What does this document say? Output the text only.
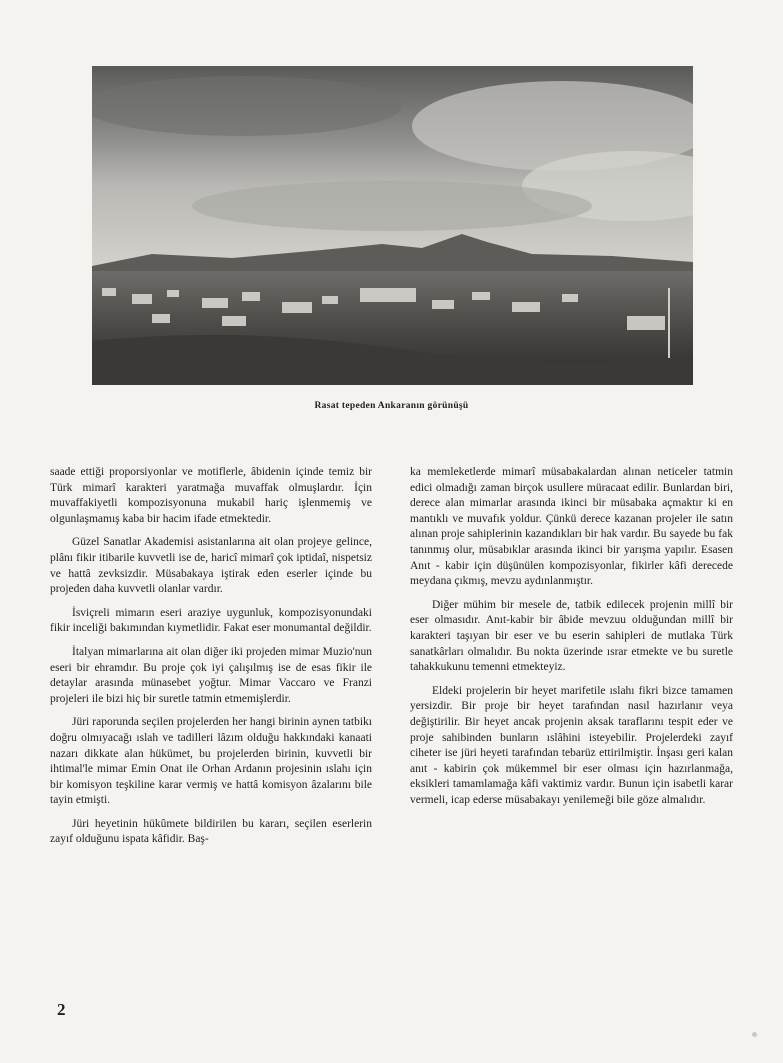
Rasat tepeden Ankaranın görünüşü

saade ettiği proporsiyonlar ve motiflerle, âbidenin içinde temiz bir Türk mimarî karakteri yaratmağa muvaffak olmuşlardır. İçin muvaffakiyetli kompozisyonuna mukabil hariç işlenmemiş ve olgunlaşmamış kaba bir hacim ifade etmektedir.

Güzel Sanatlar Akademisi asistanlarına ait olan projeye gelince, plânı fikir itibarile kuvvetli ise de, haricî mimarî çok iptidaî, nispetsiz ve hattâ zevksizdir. Müsabakaya iştirak eden eserler içinde bu projeden daha kuvvetli olanlar vardır.

İsviçreli mimarın eseri araziye uygunluk, kompozisyonundaki fikir inceliği bakımından kıymetlidir. Fakat eser monumantal değildir.

İtalyan mimarlarına ait olan diğer iki projeden mimar Muzio'nun eseri bir ehramdır. Bu proje çok iyi çalışılmış ise de esas fikir ile detaylar arasında münasebet yoğtur. Mimar Vaccaro ve Franzi projeleri ile bizi hiç bir suretle tatmin etmemişlerdir.

Jüri raporunda seçilen projelerden her hangi birinin aynen tatbikı doğru olmıyacağı ıslah ve tadilleri lâzım olduğu hakkındaki kanaati nazarı dikkate alan hükümet, bu projelerden birinin, kuvvetli bir ihtimal'le mimar Emin Onat ile Orhan Ardanın projesinin ıslahı için bir komisyon teşkiline karar vermiş ve hattâ komisyon âzalarını bile tayin etmişti.

Jüri heyetinin hükûmete bildirilen bu kararı, seçilen eserlerin zayıf olduğunu ispata kâfidir. Baş-

ka memleketlerde mimarî müsabakalardan alınan neticeler tatmin edici olmadığı zaman birçok usullere müracaat edilir. Bunlardan biri, derece alan mimarlar arasında ikinci bir müsabaka açmaktır ki en mantıklı ve muvafık yoldur. Çünkü derece kazanan projeler ile satın alınan proje sahiplerinin kazandıkları bir hak vardır. Bu sayede bu fak tanınmış olur, müsabıklar arasında ikinci bir yarışma yapılır. Esasen Anıt - kabir için düşünülen kompozisyonlar, fikirler kâfi derecede meydana çıkmış, mevzu aydınlanmıştır.

Diğer mühim bir mesele de, tatbik edilecek projenin millî bir eser olmasıdır. Anıt-kabir bir âbide mevzuu olduğundan millî bir karakteri taşıyan bir eser ve bu eserin sahipleri de mutlaka Türk sanatkârları olmalıdır. Bu nokta üzerinde ısrar etmekte ve bu suretle tahakkukunu temenni etmekteyiz.

Eldeki projelerin bir heyet marifetile ıslahı fikri bizce tamamen yersizdir. Bir proje bir heyet tarafından nasıl hazırlanır veya değiştirilir. Bir heyet ancak projenin aksak taraflarını tespit eder ve proje sahibinden bunların ıslâhini isteyebilir. Projelerdeki zayıf ciheter ise jüri heyeti tarafından tebarüz ettirilmiştir. İnşası geri kalan anıt - kabirin çok mükemmel bir eser olması için hazırlanmağa, eksikleri tamamlamağa kâfi vaktimiz vardır. Bunun için isabetli karar vermeli, icap ederse müsabakayı yenilemeği bile göze almalıdır.

2
